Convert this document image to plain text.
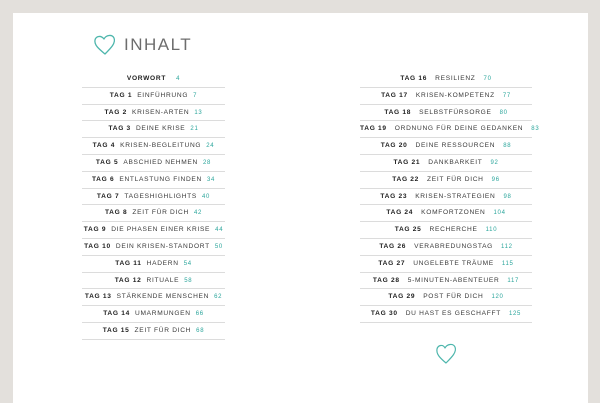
INHALT
VORWORT 4
TAG 1 EINFÜHRUNG 7
TAG 2 KRISEN-ARTEN 13
TAG 3 DEINE KRISE 21
TAG 4 KRISEN-BEGLEITUNG 24
TAG 5 ABSCHIED NEHMEN 28
TAG 6 ENTLASTUNG FINDEN 34
TAG 7 TAGESHIGHLIGHTS 40
TAG 8 ZEIT FÜR DICH 42
TAG 9 DIE PHASEN EINER KRISE 44
TAG 10 DEIN KRISEN-STANDORT 50
TAG 11 HADERN 54
TAG 12 RITUALE 58
TAG 13 STÄRKENDE MENSCHEN 62
TAG 14 UMARMUNGEN 66
TAG 15 ZEIT FÜR DICH 68
TAG 16 RESILIENZ 70
TAG 17 KRISEN-KOMPETENZ 77
TAG 18 SELBSTFÜRSORGE 80
TAG 19 ORDNUNG FÜR DEINE GEDANKEN 83
TAG 20 DEINE RESSOURCEN 88
TAG 21 DANKBARKEIT 92
TAG 22 ZEIT FÜR DICH 96
TAG 23 KRISEN-STRATEGIEN 98
TAG 24 KOMFORTZONEN 104
TAG 25 RECHERCHE 110
TAG 26 VERABREDUNGSTAG 112
TAG 27 UNGELEBTE TRÄUME 115
TAG 28 5-MINUTEN-ABENTEUER 117
TAG 29 POST FÜR DICH 120
TAG 30 DU HAST ES GESCHAFFT 125
